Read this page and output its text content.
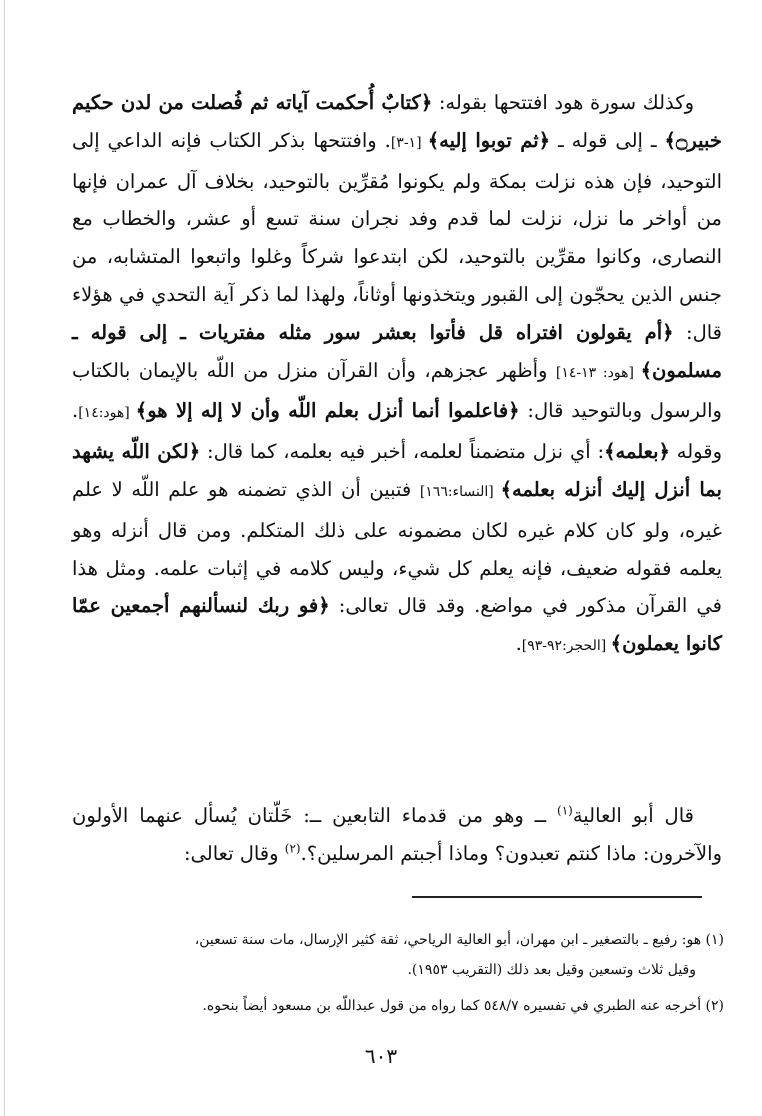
وكذلك سورة هود افتتحها بقوله: ﴿كتابٌ أُحكمت آياته ثم فُصلت من لدن حكيم خبير۝﴾ ـ إلى قوله ـ ﴿ثم توبوا إليه﴾ [١-٣]. وافتتحها بذكر الكتاب فإنه الداعي إلى التوحيد، فإن هذه نزلت بمكة ولم يكونوا مُقرِّين بالتوحيد، بخلاف آل عمران فإنها من أواخر ما نزل، نزلت لما قدم وفد نجران سنة تسع أو عشر، والخطاب مع النصارى، وكانوا مقرِّين بالتوحيد، لكن ابتدعوا شركاً وغلوا واتبعوا المتشابه، من جنس الذين يحجّون إلى القبور ويتخذونها أوثاناً، ولهذا لما ذكر آية التحدي في هؤلاء قال: ﴿أم يقولون افتراه قل فأتوا بعشر سور مثله مفتريات ـ إلى قوله ـ مسلمون﴾ [هود: ١٣-١٤] وأظهر عجزهم، وأن القرآن منزل من اللّه بالإيمان بالكتاب والرسول وبالتوحيد قال: ﴿فاعلموا أنما أنزل بعلم اللّه وأن لا إله إلا هو﴾ [هود:١٤]. وقوله ﴿بعلمه﴾: أي نزل متضمناً لعلمه، أخبر فيه بعلمه، كما قال: ﴿لكن اللّه يشهد بما أنزل إليك أنزله بعلمه﴾ [النساء:١٦٦] فتبين أن الذي تضمنه هو علم اللّه لا علم غيره، ولو كان كلام غيره لكان مضمونه على ذلك المتكلم. ومن قال أنزله وهو يعلمه فقوله ضعيف، فإنه يعلم كل شيء، وليس كلامه في إثبات علمه. ومثل هذا في القرآن مذكور في مواضع. وقد قال تعالى: ﴿فو ربك لنسألنهم أجمعين عمّا كانوا يعملون﴾ [الحجر:٩٢-٩٣].

قال أبو العالية$^{(١)}$ ــ وهو من قدماء التابعين ــ: خَلّتان يُسأل عنهما الأولون والآخرون: ماذا كنتم تعبدون؟ وماذا أجبتم المرسلين؟.$^{(٢)}$ وقال تعالى:

(١) هو: رفيع ـ بالتصغير ـ ابن مهران، أبو العالية الرياحي، ثقة كثير الإرسال، مات سنة تسعين،

وقيل ثلاث وتسعين وقيل بعد ذلك (التقريب ١٩٥٣).

(٢) أخرجه عنه الطبري في تفسيره ٥٤٨/٧ كما رواه من قول عبداللّه بن مسعود أيضاً بنحوه.

٦٠٣
